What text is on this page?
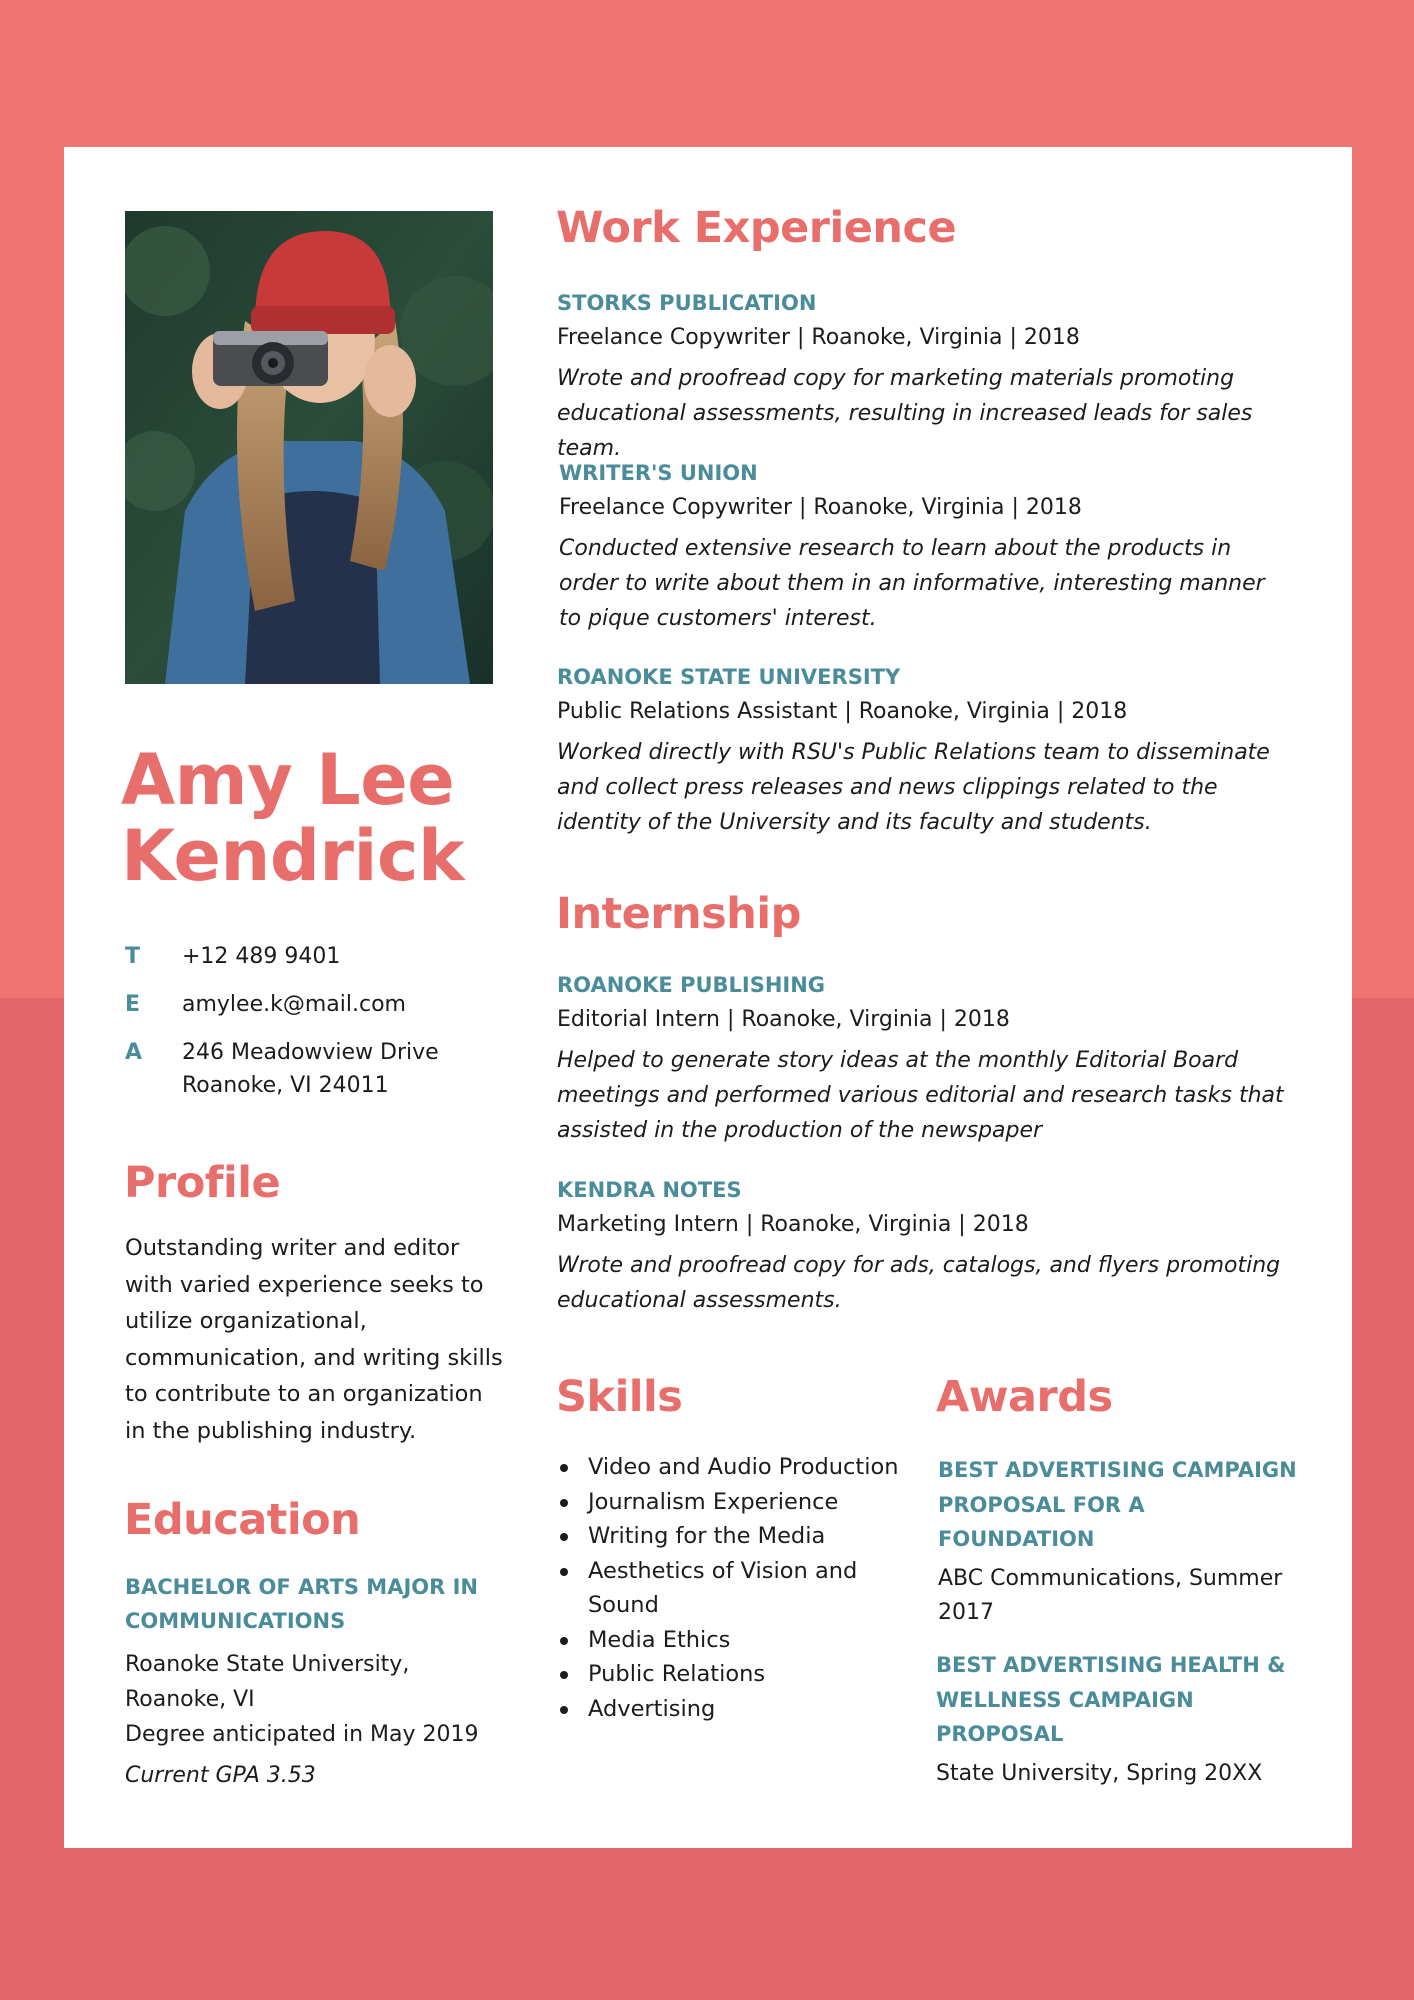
Amy Lee Kendrick
T	+12 489 9401
E	amylee.k@mail.com
A	246 Meadowview Drive
Roanoke, VI 24011
Profile

Outstanding writer and editor with varied experience seeks to utilize organizational, communication, and writing skills to contribute to an organization in the publishing industry.

Education

BACHELOR OF ARTS MAJOR IN COMMUNICATIONS

Roanoke State University, Roanoke, VI

Degree anticipated in May 2019

Current GPA 3.53

Work Experience

STORKS PUBLICATION

Freelance Copywriter | Roanoke, Virginia | 2018

Wrote and proofread copy for marketing materials promoting educational assessments, resulting in increased leads for sales team.

WRITER'S UNION

Freelance Copywriter | Roanoke, Virginia | 2018

Conducted extensive research to learn about the products in order to write about them in an informative, interesting manner to pique customers' interest.

ROANOKE STATE UNIVERSITY

Public Relations Assistant | Roanoke, Virginia | 2018

Worked directly with RSU's Public Relations team to disseminate and collect press releases and news clippings related to the identity of the University and its faculty and students.

Internship

ROANOKE PUBLISHING

Editorial Intern | Roanoke, Virginia | 2018

Helped to generate story ideas at the monthly Editorial Board meetings and performed various editorial and research tasks that assisted in the production of the newspaper

KENDRA NOTES

Marketing Intern | Roanoke, Virginia | 2018

Wrote and proofread copy for ads, catalogs, and flyers promoting educational assessments.

Skills
Video and Audio Production
Journalism Experience
Writing for the Media
Aesthetics of Vision and Sound
Media Ethics
Public Relations
Advertising
Awards

BEST ADVERTISING CAMPAIGN PROPOSAL FOR A FOUNDATION

ABC Communications, Summer 2017

BEST ADVERTISING HEALTH & WELLNESS CAMPAIGN PROPOSAL

State University, Spring 20XX
